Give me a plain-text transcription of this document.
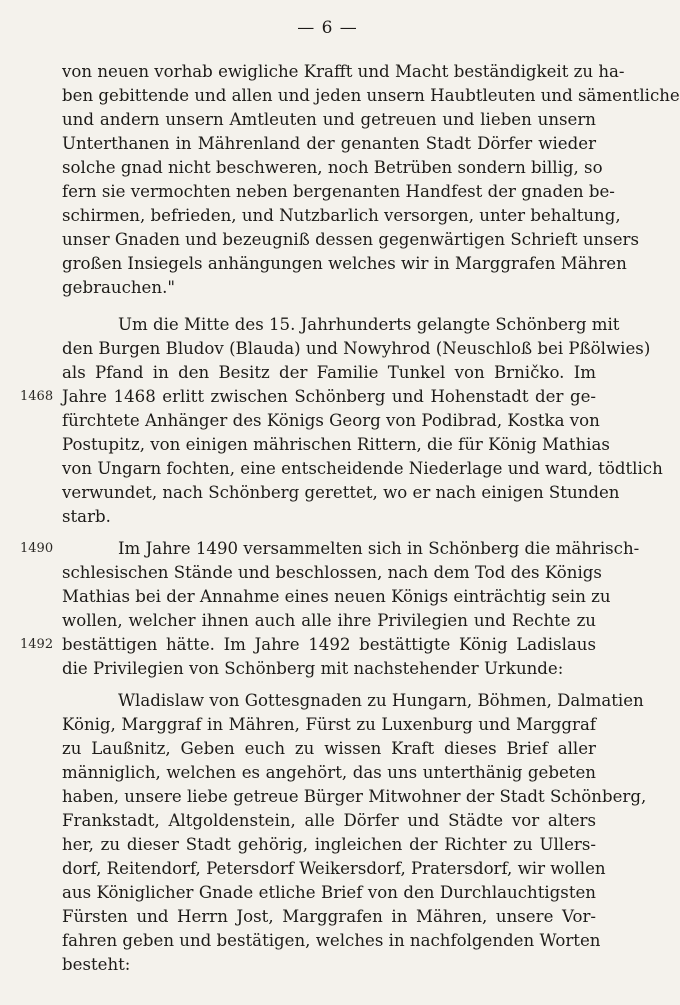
— 6 —
1468
1490
1492
von neuen vorhab ewigliche Krafft und Macht beständigkeit zu ha-
ben gebittende und allen und jeden unsern Haubtleuten und sämentliche
und andern unsern Amtleuten und getreuen und lieben unsern
Unterthanen in Mährenland der genanten Stadt Dörfer wieder
solche gnad nicht beschweren, noch Betrüben sondern billig, so
fern sie vermochten neben bergenanten Handfest der gnaden be-
schirmen, befrieden, und Nutzbarlich versorgen, unter behaltung,
unser Gnaden und bezeugniß dessen gegenwärtigen Schrieft unsers
großen Insiegels anhängungen welches wir in Marggrafen Mähren
gebrauchen."
Um die Mitte des 15. Jahrhunderts gelangte Schönberg mit
den Burgen Bludov (Blauda) und Nowyhrod (Neuschloß bei Pßölwies)
als Pfand in den Besitz der Familie Tunkel von Brničko. Im
Jahre 1468 erlitt zwischen Schönberg und Hohenstadt der ge-
fürchtete Anhänger des Königs Georg von Podibrad, Kostka von
Postupitz, von einigen mährischen Rittern, die für König Mathias
von Ungarn fochten, eine entscheidende Niederlage und ward, tödtlich
verwundet, nach Schönberg gerettet, wo er nach einigen Stunden
starb.
Im Jahre 1490 versammelten sich in Schönberg die mährisch-
schlesischen Stände und beschlossen, nach dem Tod des Königs
Mathias bei der Annahme eines neuen Königs einträchtig sein zu
wollen, welcher ihnen auch alle ihre Privilegien und Rechte zu
bestättigen hätte. Im Jahre 1492 bestättigte König Ladislaus
die Privilegien von Schönberg mit nachstehender Urkunde:
Wladislaw von Gottesgnaden zu Hungarn, Böhmen, Dalmatien
König, Marggraf in Mähren, Fürst zu Luxenburg und Marggraf
zu Laußnitz, Geben euch zu wissen Kraft dieses Brief aller
männiglich, welchen es angehört, das uns unterthänig gebeten
haben, unsere liebe getreue Bürger Mitwohner der Stadt Schönberg,
Frankstadt, Altgoldenstein, alle Dörfer und Städte vor alters
her, zu dieser Stadt gehörig, ingleichen der Richter zu Ullers-
dorf, Reitendorf, Petersdorf Weikersdorf, Pratersdorf, wir wollen
aus Königlicher Gnade etliche Brief von den Durchlauchtigsten
Fürsten und Herrn Jost, Marggrafen in Mähren, unsere Vor-
fahren geben und bestätigen, welches in nachfolgenden Worten
besteht:
